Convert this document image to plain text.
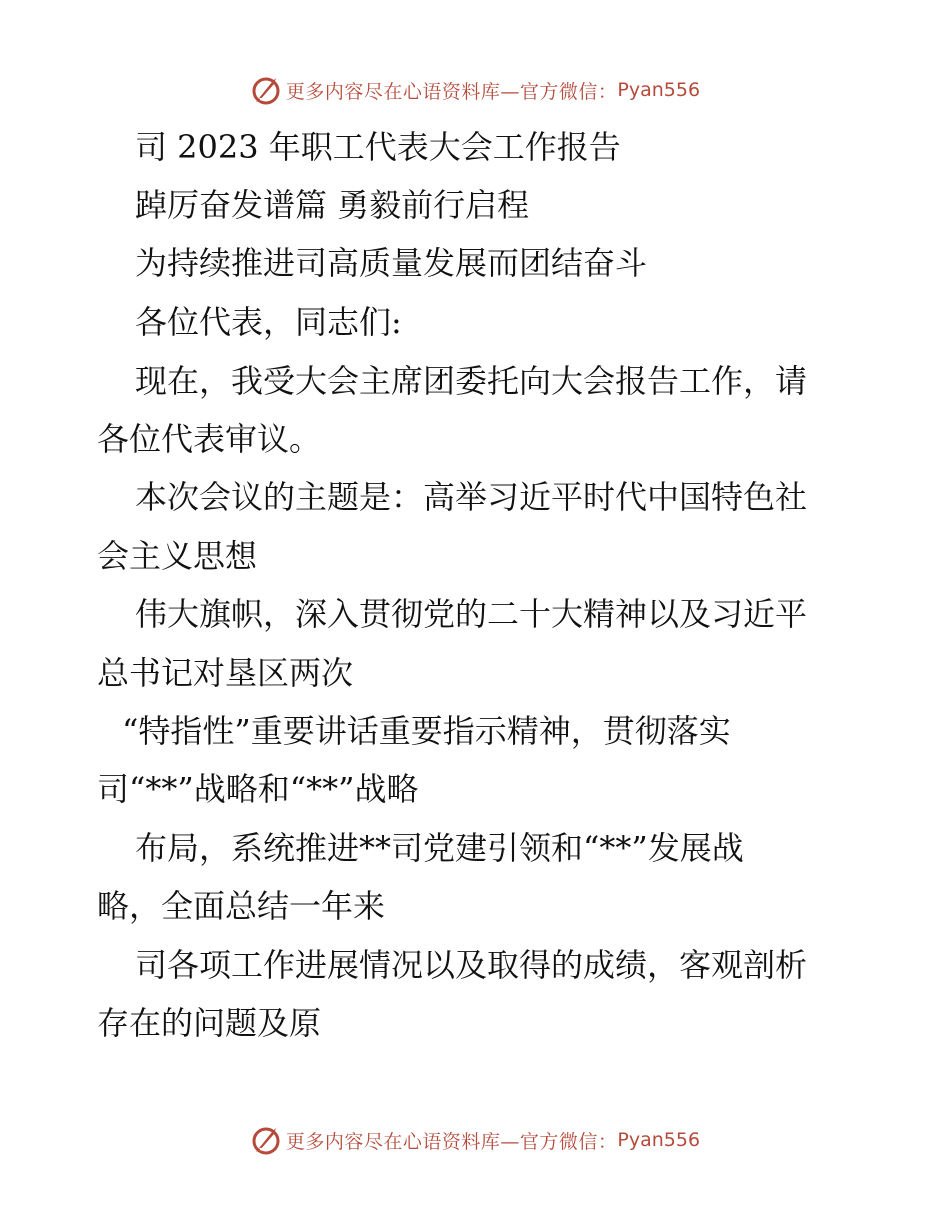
更多内容尽在心语资料库—官方微信： Pyan556
司 2023 年职工代表大会工作报告
踔厉奋发谱篇 勇毅前行启程
为持续推进司高质量发展而团结奋斗
各位代表，同志们:
现在，我受大会主席团委托向大会报告工作，请
各位代表审议。
本次会议的主题是：高举习近平时代中国特色社
会主义思想
伟大旗帜，深入贯彻党的二十大精神以及习近平
总书记对垦区两次
“特指性”重要讲话重要指示精神，贯彻落实
司“**”战略和“**”战略
布局，系统推进**司党建引领和“**”发展战
略，全面总结一年来
司各项工作进展情况以及取得的成绩，客观剖析
存在的问题及原
更多内容尽在心语资料库—官方微信： Pyan556
